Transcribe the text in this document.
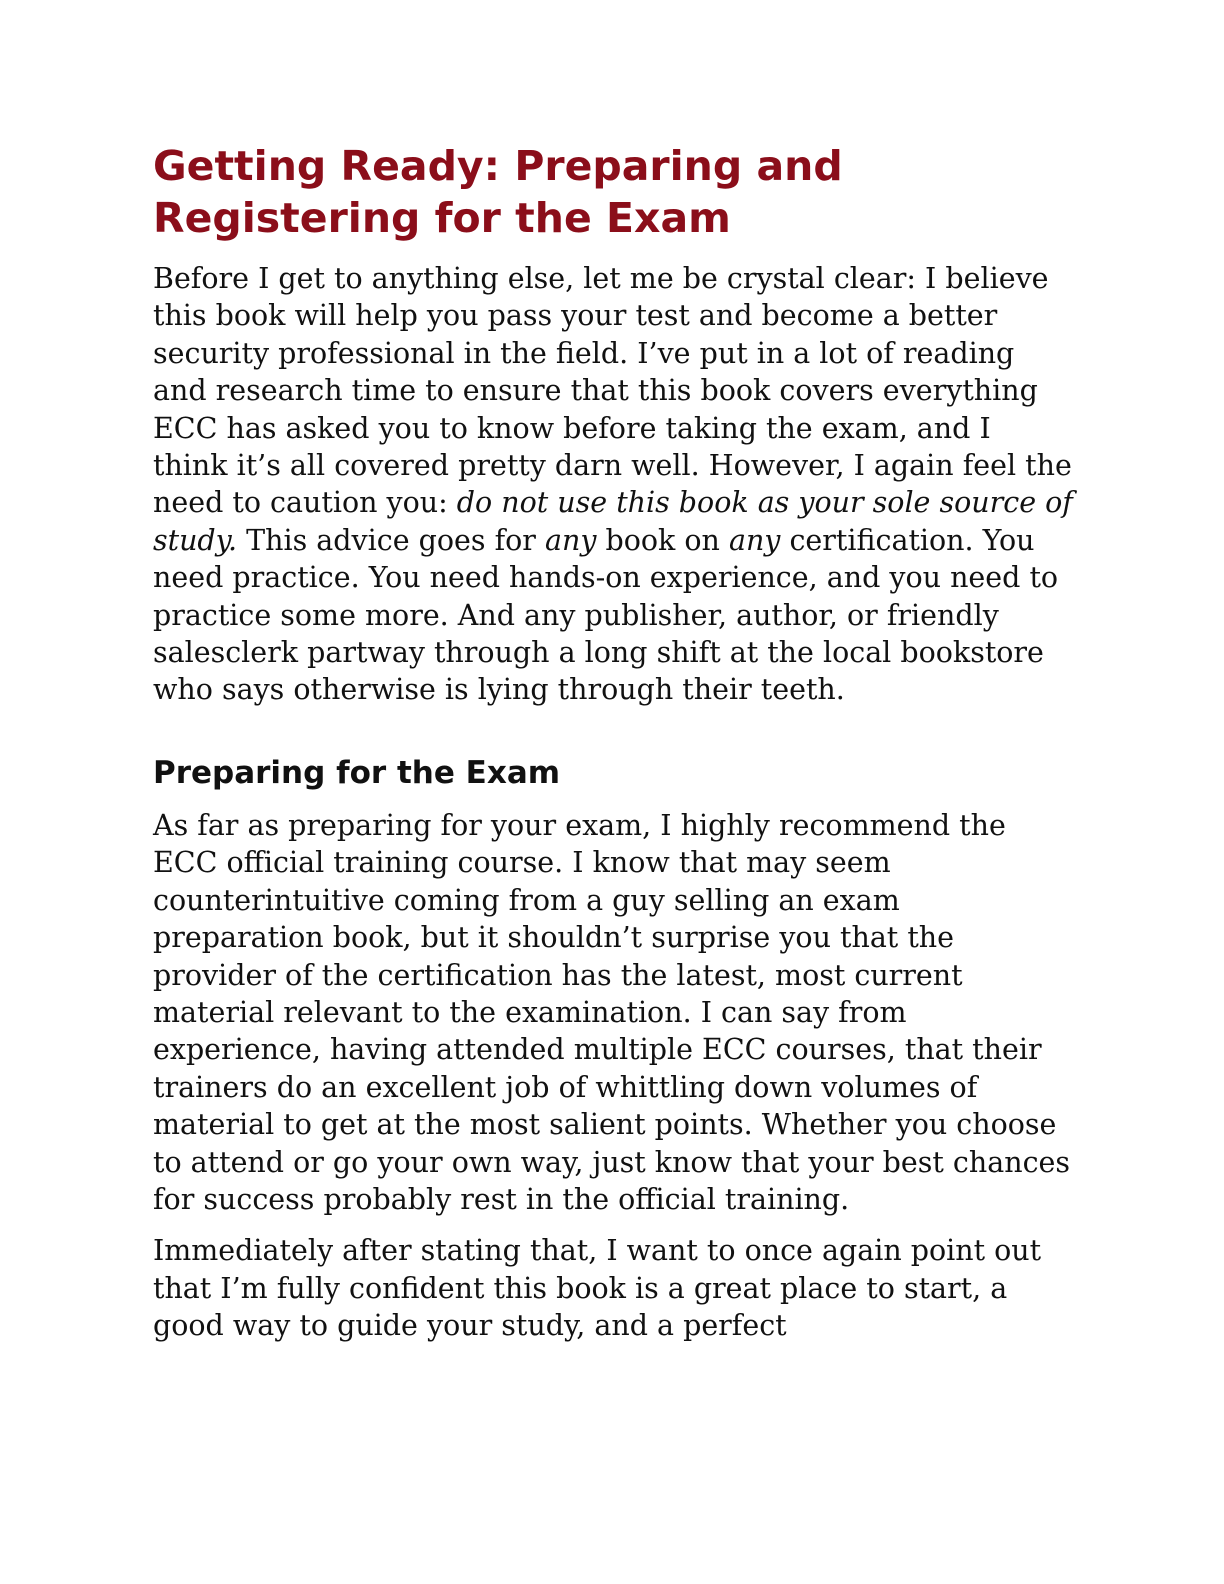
Getting Ready: Preparing and Registering for the Exam

Before I get to anything else, let me be crystal clear: I believe this book will help you pass your test and become a better security professional in the field. I’ve put in a lot of reading and research time to ensure that this book covers everything ECC has asked you to know before taking the exam, and I think it’s all covered pretty darn well. However, I again feel the need to caution you: do not use this book as your sole source of study. This advice goes for any book on any certification. You need practice. You need hands-on experience, and you need to practice some more. And any publisher, author, or friendly salesclerk partway through a long shift at the local bookstore who says otherwise is lying through their teeth.

Preparing for the Exam

As far as preparing for your exam, I highly recommend the ECC official training course. I know that may seem counterintuitive coming from a guy selling an exam preparation book, but it shouldn’t surprise you that the provider of the certification has the latest, most current material relevant to the examination. I can say from experience, having attended multiple ECC courses, that their trainers do an excellent job of whittling down volumes of material to get at the most salient points. Whether you choose to attend or go your own way, just know that your best chances for success probably rest in the official training.

Immediately after stating that, I want to once again point out that I’m fully confident this book is a great place to start, a good way to guide your study, and a perfect
